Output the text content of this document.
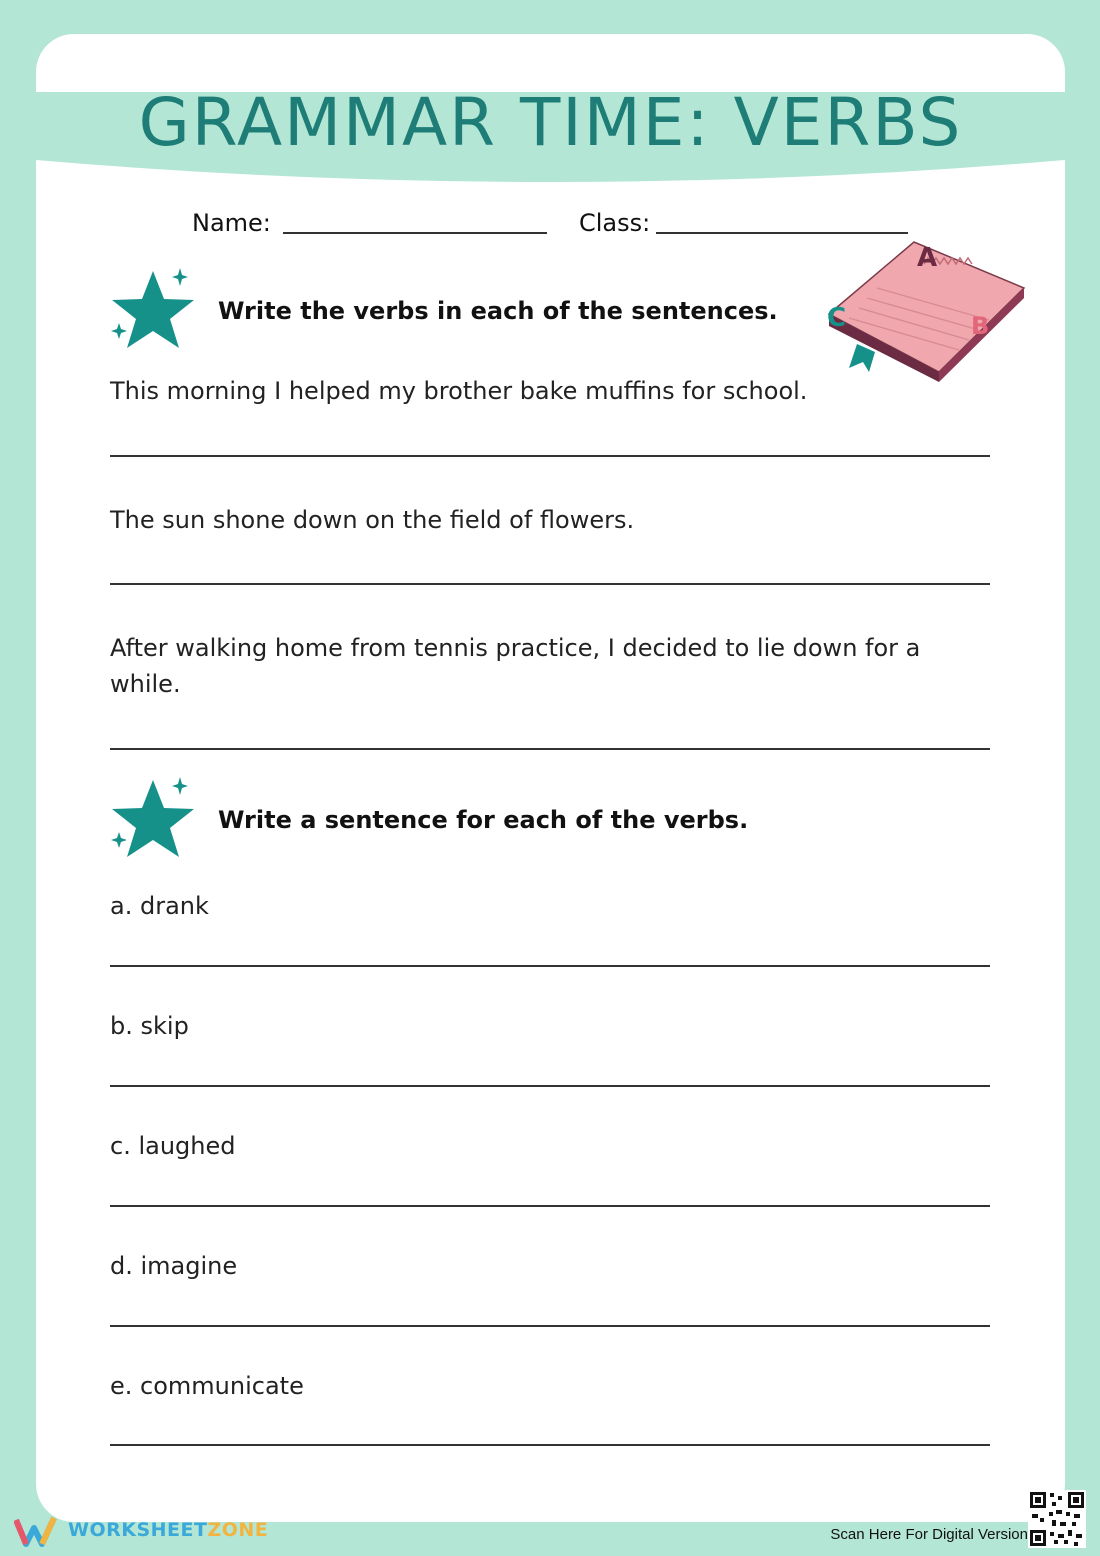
GRAMMAR TIME: VERBS
Name:	Class:
Write the verbs in each of the sentences.
A
B
C
This morning I helped my brother bake muffins for school.
The sun shone down on the field of flowers.
After walking home from tennis practice, I decided to lie down for a while.
Write a sentence for each of the verbs.
a. drank
b. skip
c. laughed
d. imagine
e. communicate
WORKSHEETZONE	Scan Here For Digital Version
